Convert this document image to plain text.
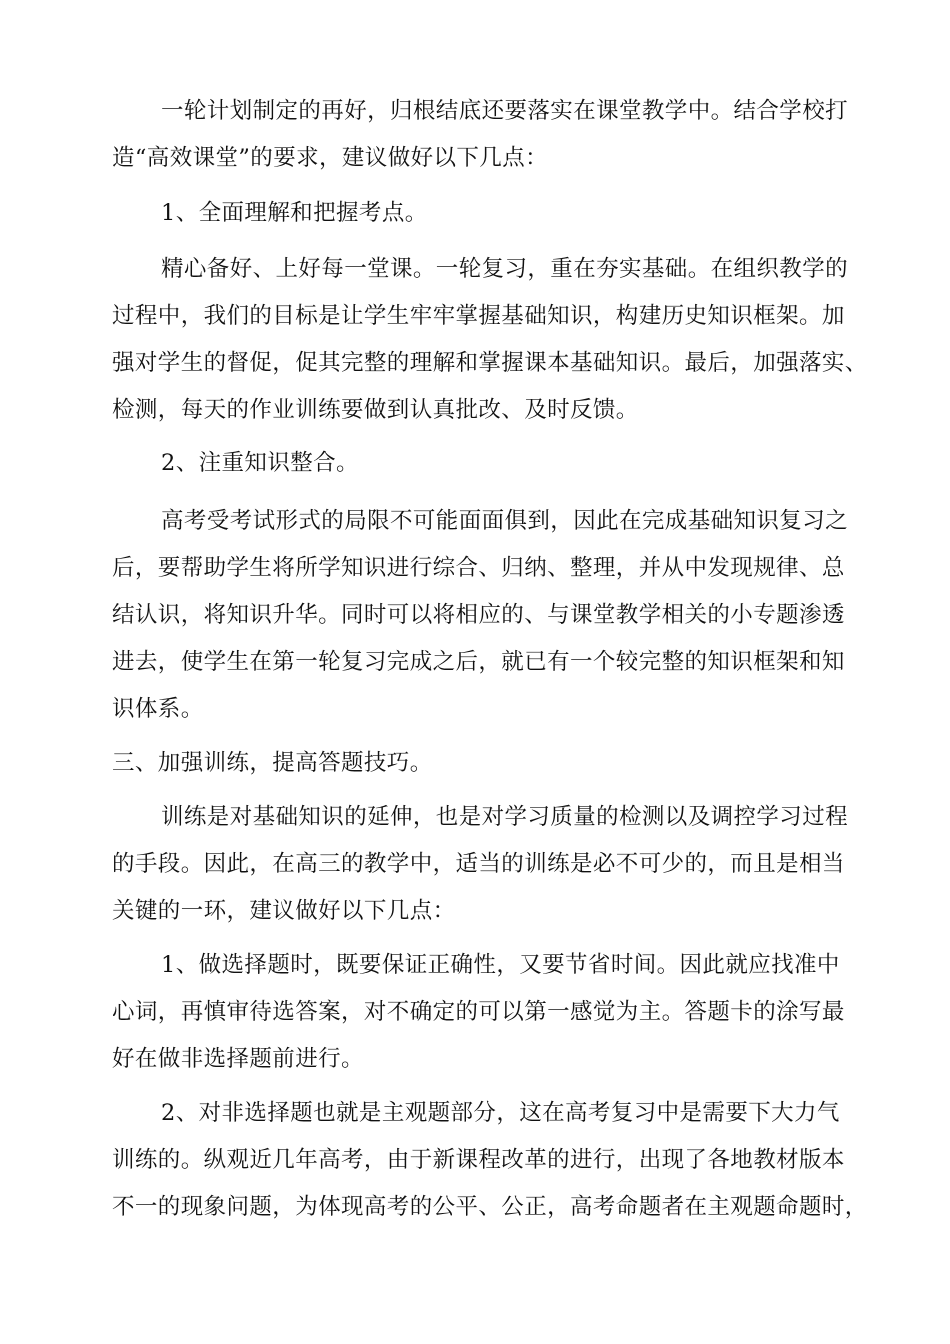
一轮计划制定的再好，归根结底还要落实在课堂教学中。结合学校打
造“高效课堂”的要求，建议做好以下几点：

1、全面理解和把握考点。

精心备好、上好每一堂课。一轮复习，重在夯实基础。在组织教学的
过程中，我们的目标是让学生牢牢掌握基础知识，构建历史知识框架。加
强对学生的督促，促其完整的理解和掌握课本基础知识。最后，加强落实、
检测，每天的作业训练要做到认真批改、及时反馈。

2、注重知识整合。

高考受考试形式的局限不可能面面俱到，因此在完成基础知识复习之
后，要帮助学生将所学知识进行综合、归纳、整理，并从中发现规律、总
结认识，将知识升华。同时可以将相应的、与课堂教学相关的小专题渗透
进去，使学生在第一轮复习完成之后，就已有一个较完整的知识框架和知
识体系。

三、加强训练，提高答题技巧。

训练是对基础知识的延伸，也是对学习质量的检测以及调控学习过程
的手段。因此，在高三的教学中，适当的训练是必不可少的，而且是相当
关键的一环，建议做好以下几点：

1、做选择题时，既要保证正确性，又要节省时间。因此就应找准中
心词，再慎审待选答案，对不确定的可以第一感觉为主。答题卡的涂写最
好在做非选择题前进行。

2、对非选择题也就是主观题部分，这在高考复习中是需要下大力气
训练的。纵观近几年高考，由于新课程改革的进行，出现了各地教材版本
不一的现象问题，为体现高考的公平、公正，高考命题者在主观题命题时，
